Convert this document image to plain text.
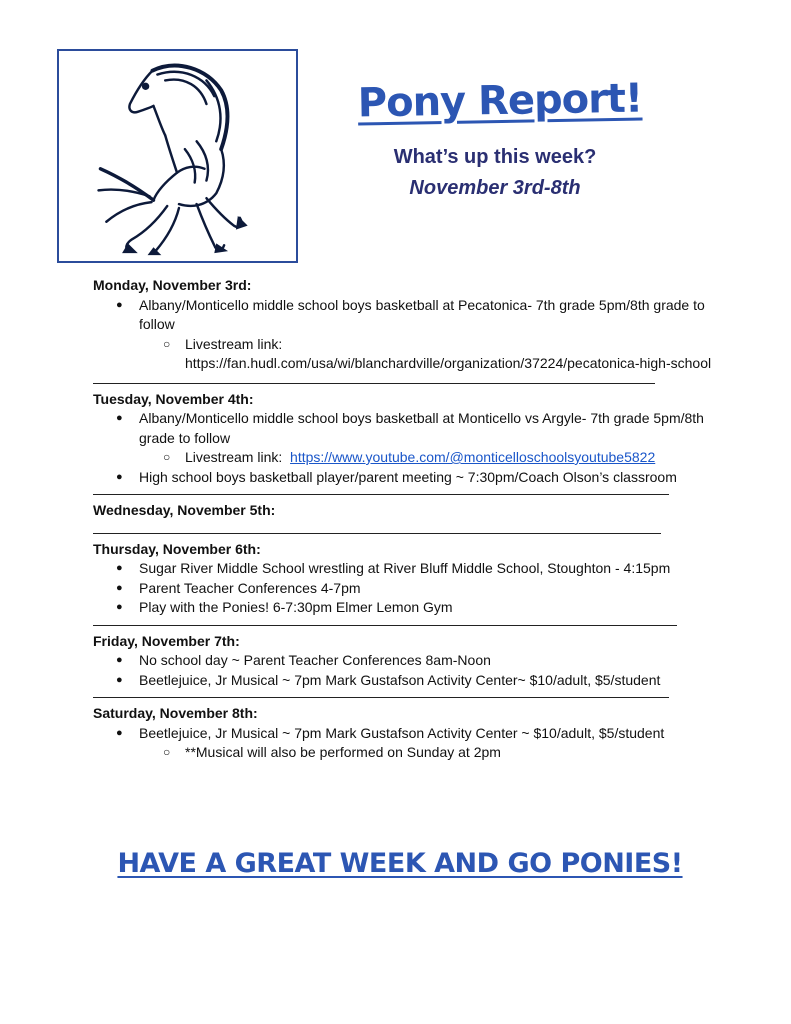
Pony Report!
What’s up this week?
November 3rd-8th

Monday, November 3rd:

● Albany/Monticello middle school boys basketball at Pecatonica- 7th grade 5pm/8th grade to follow
○ Livestream link:
https://fan.hudl.com/usa/wi/blanchardville/organization/37224/pecatonica-high-school

Tuesday, November 4th:

● Albany/Monticello middle school boys basketball at Monticello vs Argyle- 7th grade 5pm/8th grade to follow
○ Livestream link: https://www.youtube.com/@monticelloschoolsyoutube5822
● High school boys basketball player/parent meeting ~ 7:30pm/Coach Olson’s classroom

Wednesday, November 5th:

Thursday, November 6th:

● Sugar River Middle School wrestling at River Bluff Middle School, Stoughton - 4:15pm
● Parent Teacher Conferences 4-7pm
● Play with the Ponies! 6-7:30pm Elmer Lemon Gym

Friday, November 7th:

● No school day ~ Parent Teacher Conferences 8am-Noon
● Beetlejuice, Jr Musical ~ 7pm Mark Gustafson Activity Center~ $10/adult, $5/student

Saturday, November 8th:

● Beetlejuice, Jr Musical ~ 7pm Mark Gustafson Activity Center ~ $10/adult, $5/student
○ **Musical will also be performed on Sunday at 2pm
HAVE A GREAT WEEK AND GO PONIES!
